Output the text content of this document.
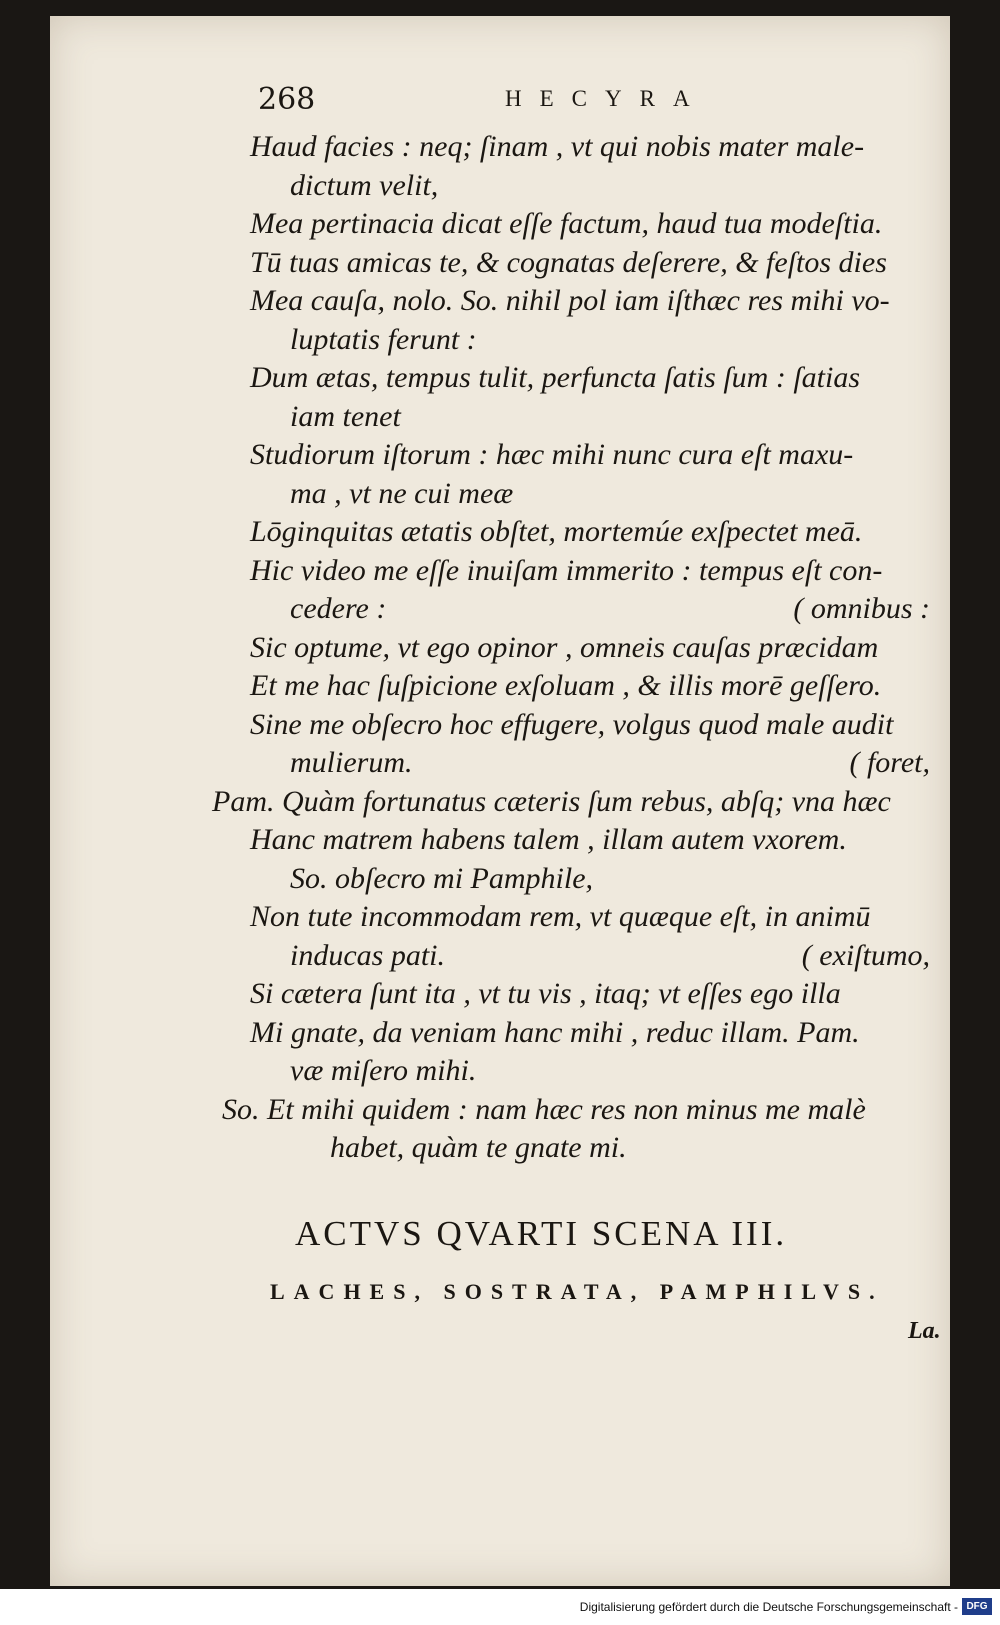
268	HECYRA
Haud facies : neq; ſinam , vt qui nobis mater male-
dictum velit,
Mea pertinacia dicat eſſe factum, haud tua modeſtia.
Tū tuas amicas te, & cognatas deſerere, & feſtos dies
Mea cauſa, nolo. So. nihil pol iam iſthæc res mihi vo-
luptatis ferunt :
Dum ætas, tempus tulit, perfuncta ſatis ſum : ſatias
iam tenet
Studiorum iſtorum : hæc mihi nunc cura eſt maxu-
ma , vt ne cui meæ
Lōginquitas ætatis obſtet, mortemúe exſpectet meā.
Hic video me eſſe inuiſam immerito : tempus eſt con-
cedere :	( omnibus :
Sic optume, vt ego opinor , omneis cauſas præcidam
Et me hac ſuſpicione exſoluam , & illis morē geſſero.
Sine me obſecro hoc effugere, volgus quod male audit
mulierum.	( foret,
Pam. Quàm fortunatus cæteris ſum rebus, abſq; vna hæc
Hanc matrem habens talem , illam autem vxorem.
So. obſecro mi Pamphile,
Non tute incommodam rem, vt quæque eſt, in animū
inducas pati.	( exiſtumo,
Si cætera ſunt ita , vt tu vis , itaq; vt eſſes ego illa
Mi gnate, da veniam hanc mihi , reduc illam. Pam.
væ miſero mihi.
So. Et mihi quidem : nam hæc res non minus me malè
habet, quàm te gnate mi.
ACTVS QVARTI SCENA III.
LACHES, SOSTRATA, PAMPHILVS.
La.
Digitalisierung gefördert durch die Deutsche Forschungsgemeinschaft - DFG
